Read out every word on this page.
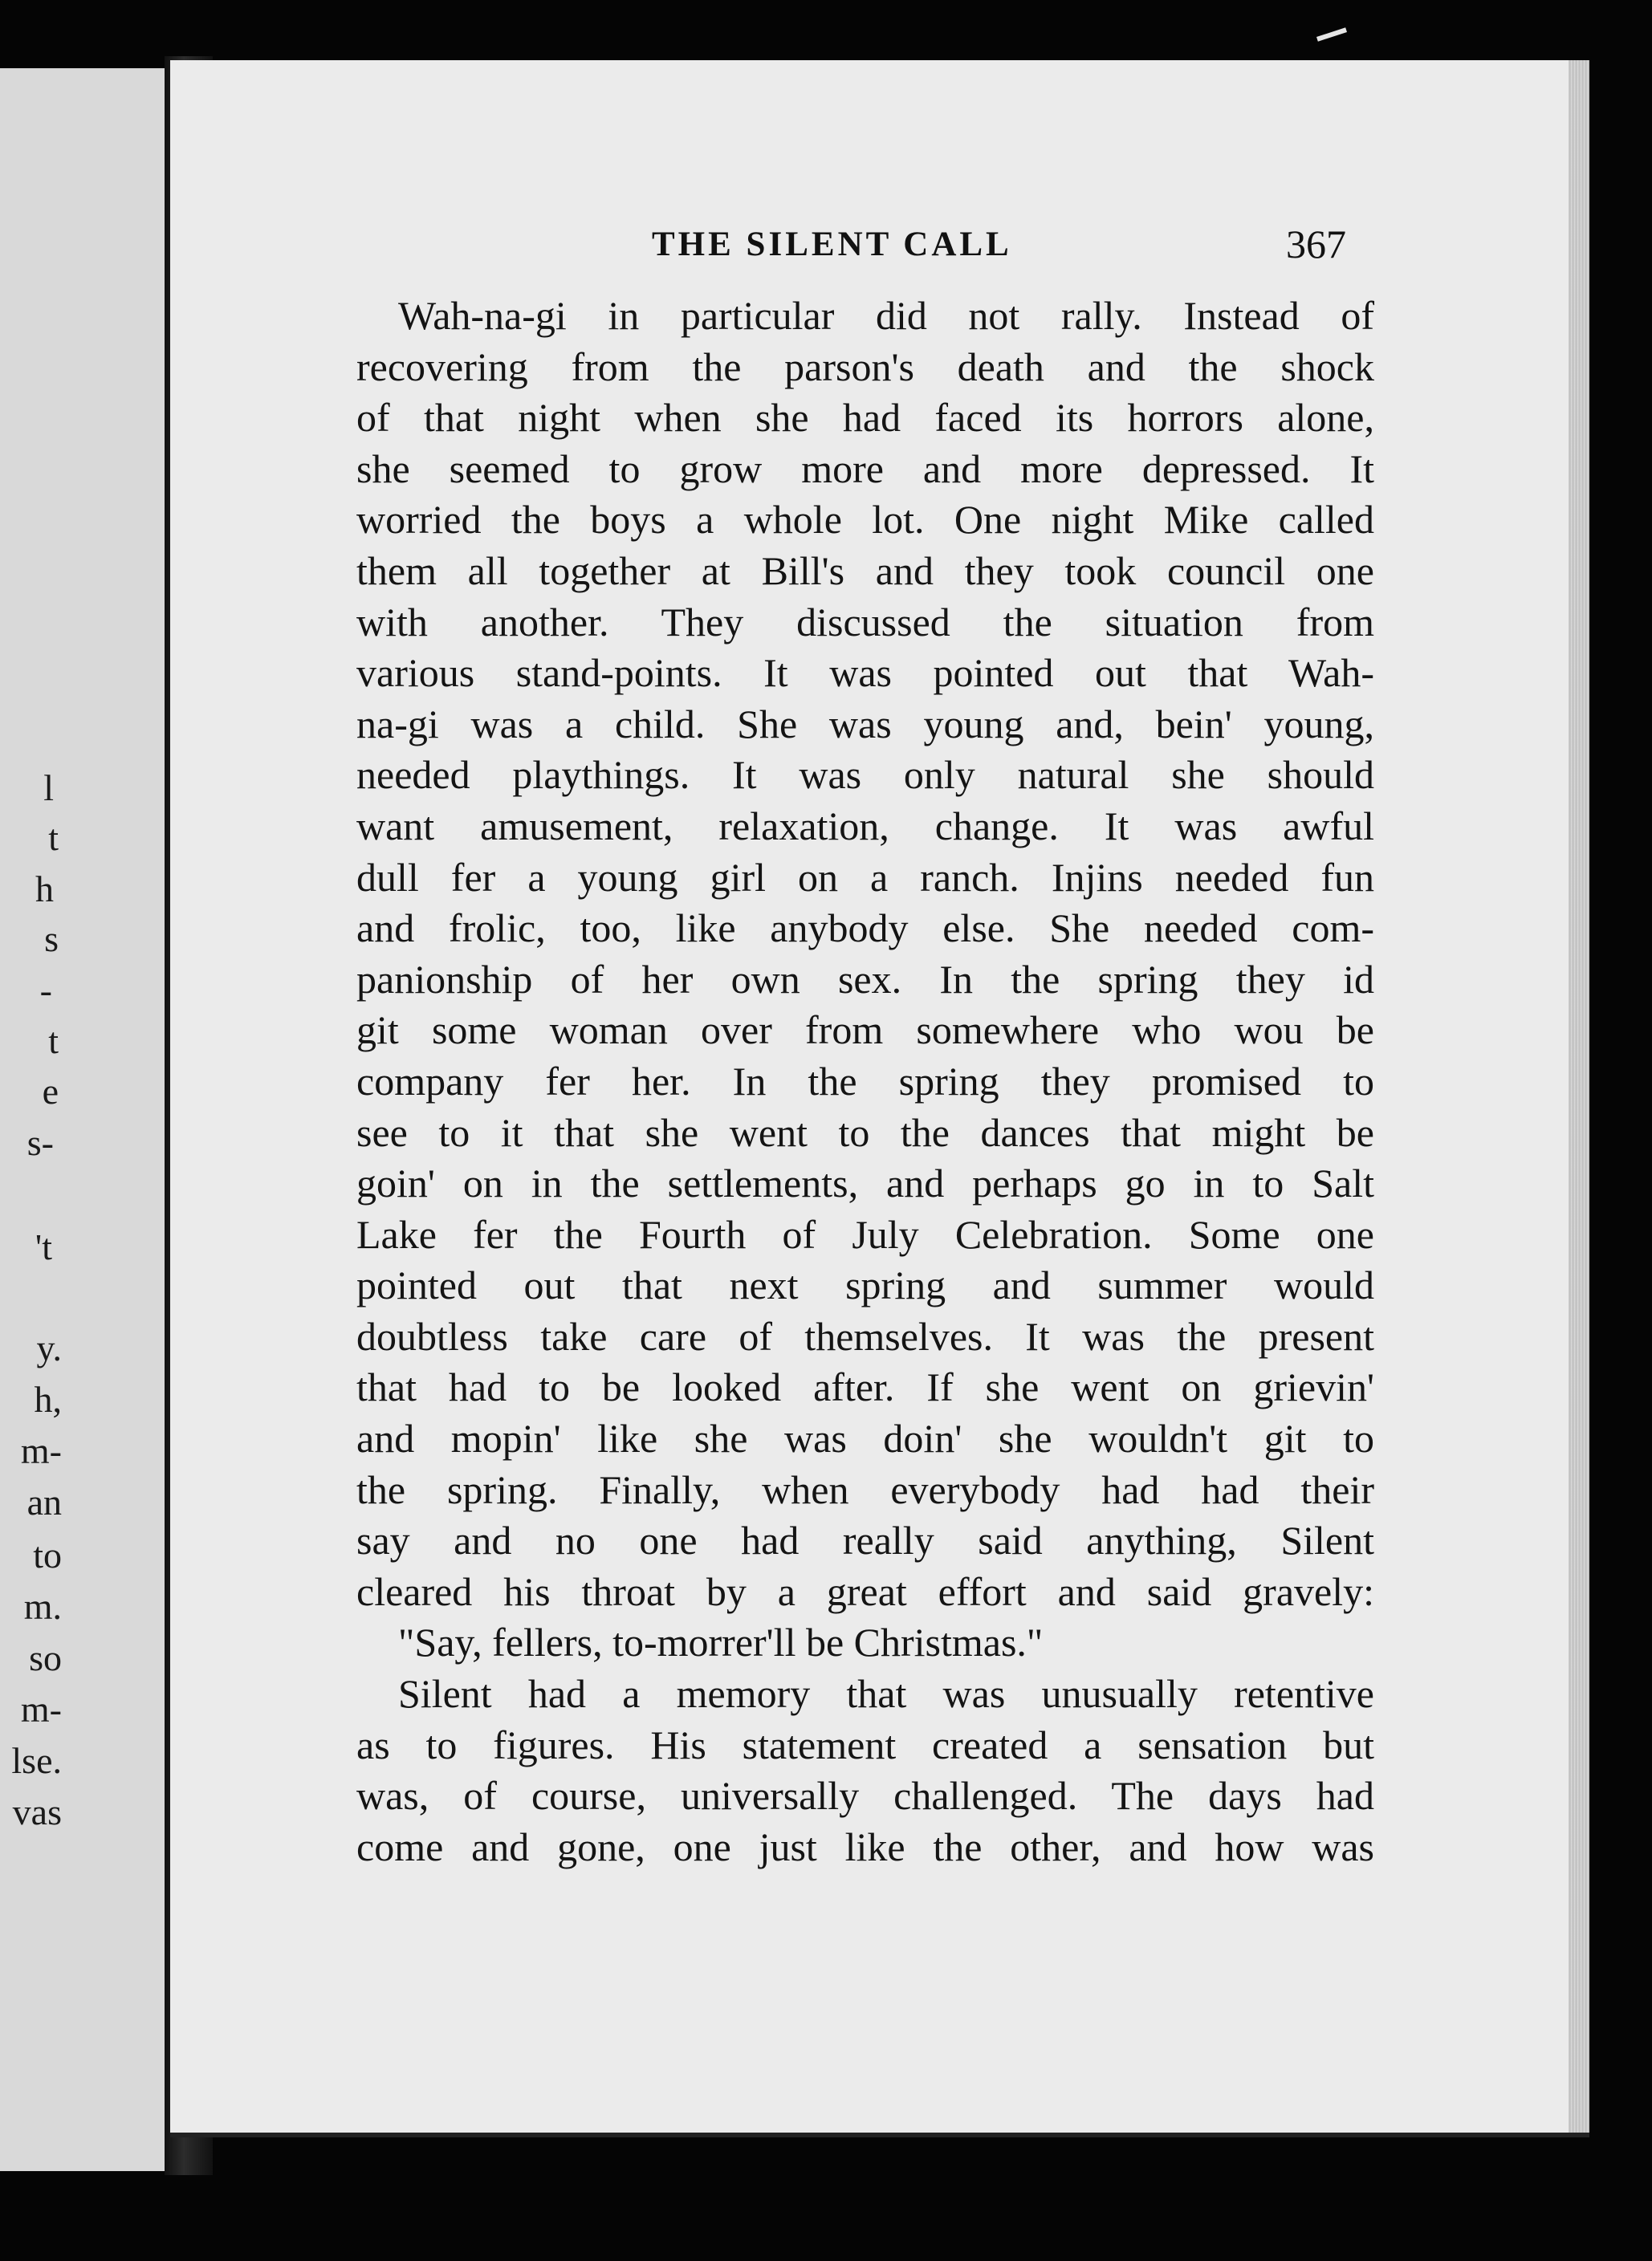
l
t
h
s
-
t
e
s-
't
y.
h,
m-
an
to
m.
so
m-
lse.
vas
THE SILENT CALL	367
Wah-na-gi in particular did not rally. Instead of
recovering from the parson's death and the shock
of that night when she had faced its horrors alone,
she seemed to grow more and more depressed. It
worried the boys a whole lot. One night Mike called
them all together at Bill's and they took council one
with another. They discussed the situation from
various stand-points. It was pointed out that Wah-
na-gi was a child. She was young and, bein' young,
needed playthings. It was only natural she should
want amusement, relaxation, change. It was awful
dull fer a young girl on a ranch. Injins needed fun
and frolic, too, like anybody else. She needed com-
panionship of her own sex. In the spring they id
git some woman over from somewhere who wou be
company fer her. In the spring they promised to
see to it that she went to the dances that might be
goin' on in the settlements, and perhaps go in to Salt
Lake fer the Fourth of July Celebration. Some one
pointed out that next spring and summer would
doubtless take care of themselves. It was the present
that had to be looked after. If she went on grievin'
and mopin' like she was doin' she wouldn't git to
the spring. Finally, when everybody had had their
say and no one had really said anything, Silent
cleared his throat by a great effort and said gravely:
"Say, fellers, to-morrer'll be Christmas."
Silent had a memory that was unusually retentive
as to figures. His statement created a sensation but
was, of course, universally challenged. The days had
come and gone, one just like the other, and how was
